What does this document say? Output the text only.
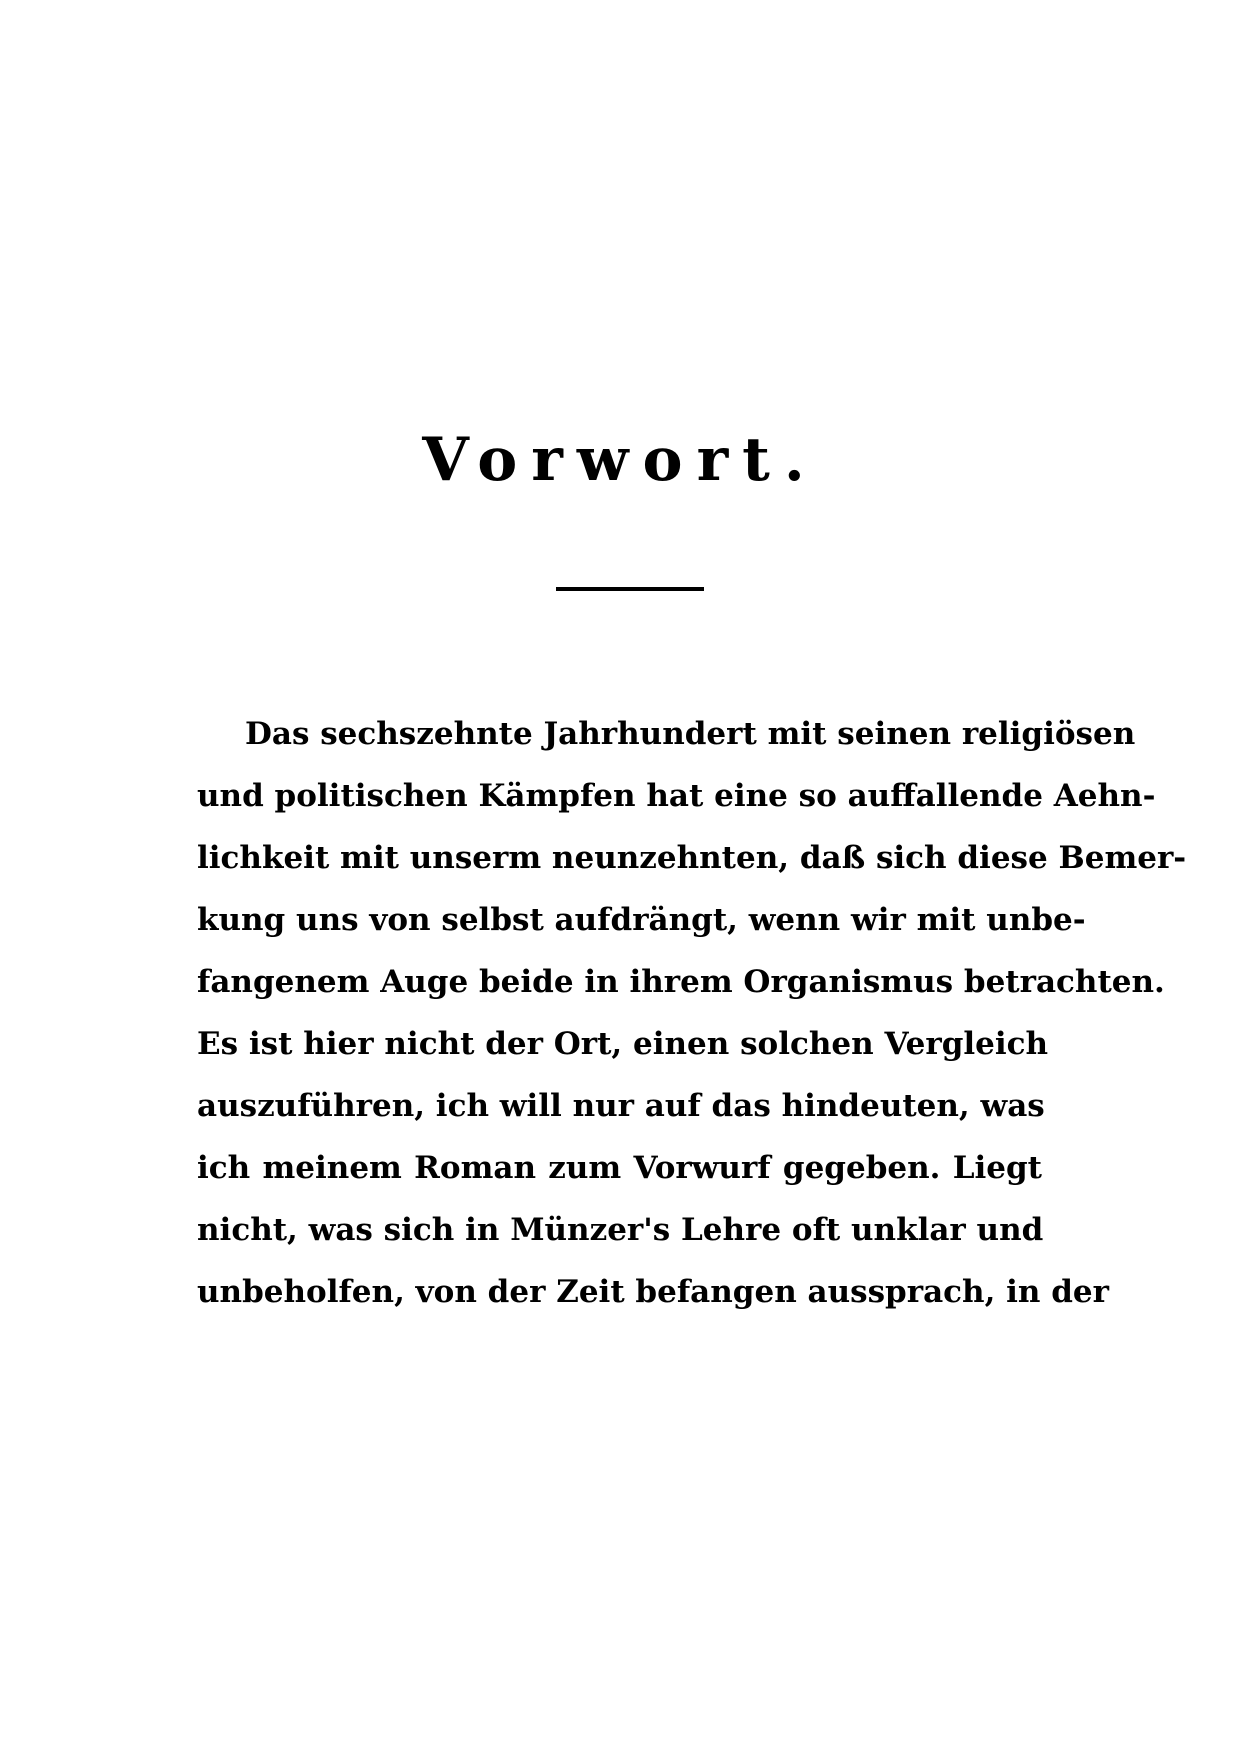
Vorwort.
Das sechszehnte Jahrhundert mit seinen religiösen
und politischen Kämpfen hat eine so auffallende Aehn-
lichkeit mit unserm neunzehnten, daß sich diese Bemer-
kung uns von selbst aufdrängt, wenn wir mit unbe-
fangenem Auge beide in ihrem Organismus betrachten.
Es ist hier nicht der Ort, einen solchen Vergleich
auszuführen, ich will nur auf das hindeuten, was
ich meinem Roman zum Vorwurf gegeben. Liegt
nicht, was sich in Münzer's Lehre oft unklar und
unbeholfen, von der Zeit befangen aussprach, in der
